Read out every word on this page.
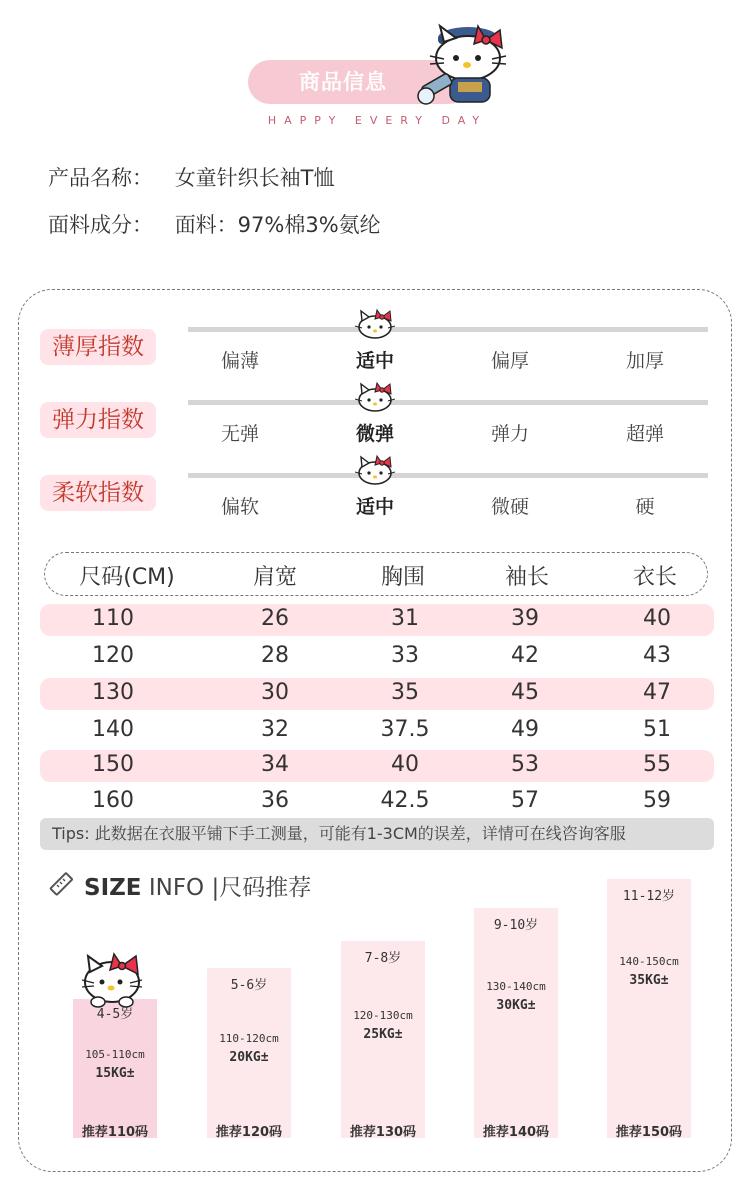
商品信息
HAPPY EVERY DAY
产品名称： 女童针织长袖T恤
面料成分： 面料：97%棉3%氨纶
薄厚指数
偏薄	适中	偏厚	加厚
弹力指数
无弹	微弹	弹力	超弹
柔软指数
偏软	适中	微硬	硬
尺码(CM)	肩宽	胸围	袖长	衣长
110	26	31	39	40
120	28	33	42	43
130	30	35	45	47
140	32	37.5	49	51
150	34	40	53	55
160	36	42.5	57	59
Tips: 此数据在衣服平铺下手工测量，可能有1-3CM的误差，详情可在线咨询客服
SIZE INFO |尺码推荐
4-5岁
105-110cm
15KG±
推荐110码
5-6岁
110-120cm
20KG±
推荐120码
7-8岁
120-130cm
25KG±
推荐130码
9-10岁
130-140cm
30KG±
推荐140码
11-12岁
140-150cm
35KG±
推荐150码
